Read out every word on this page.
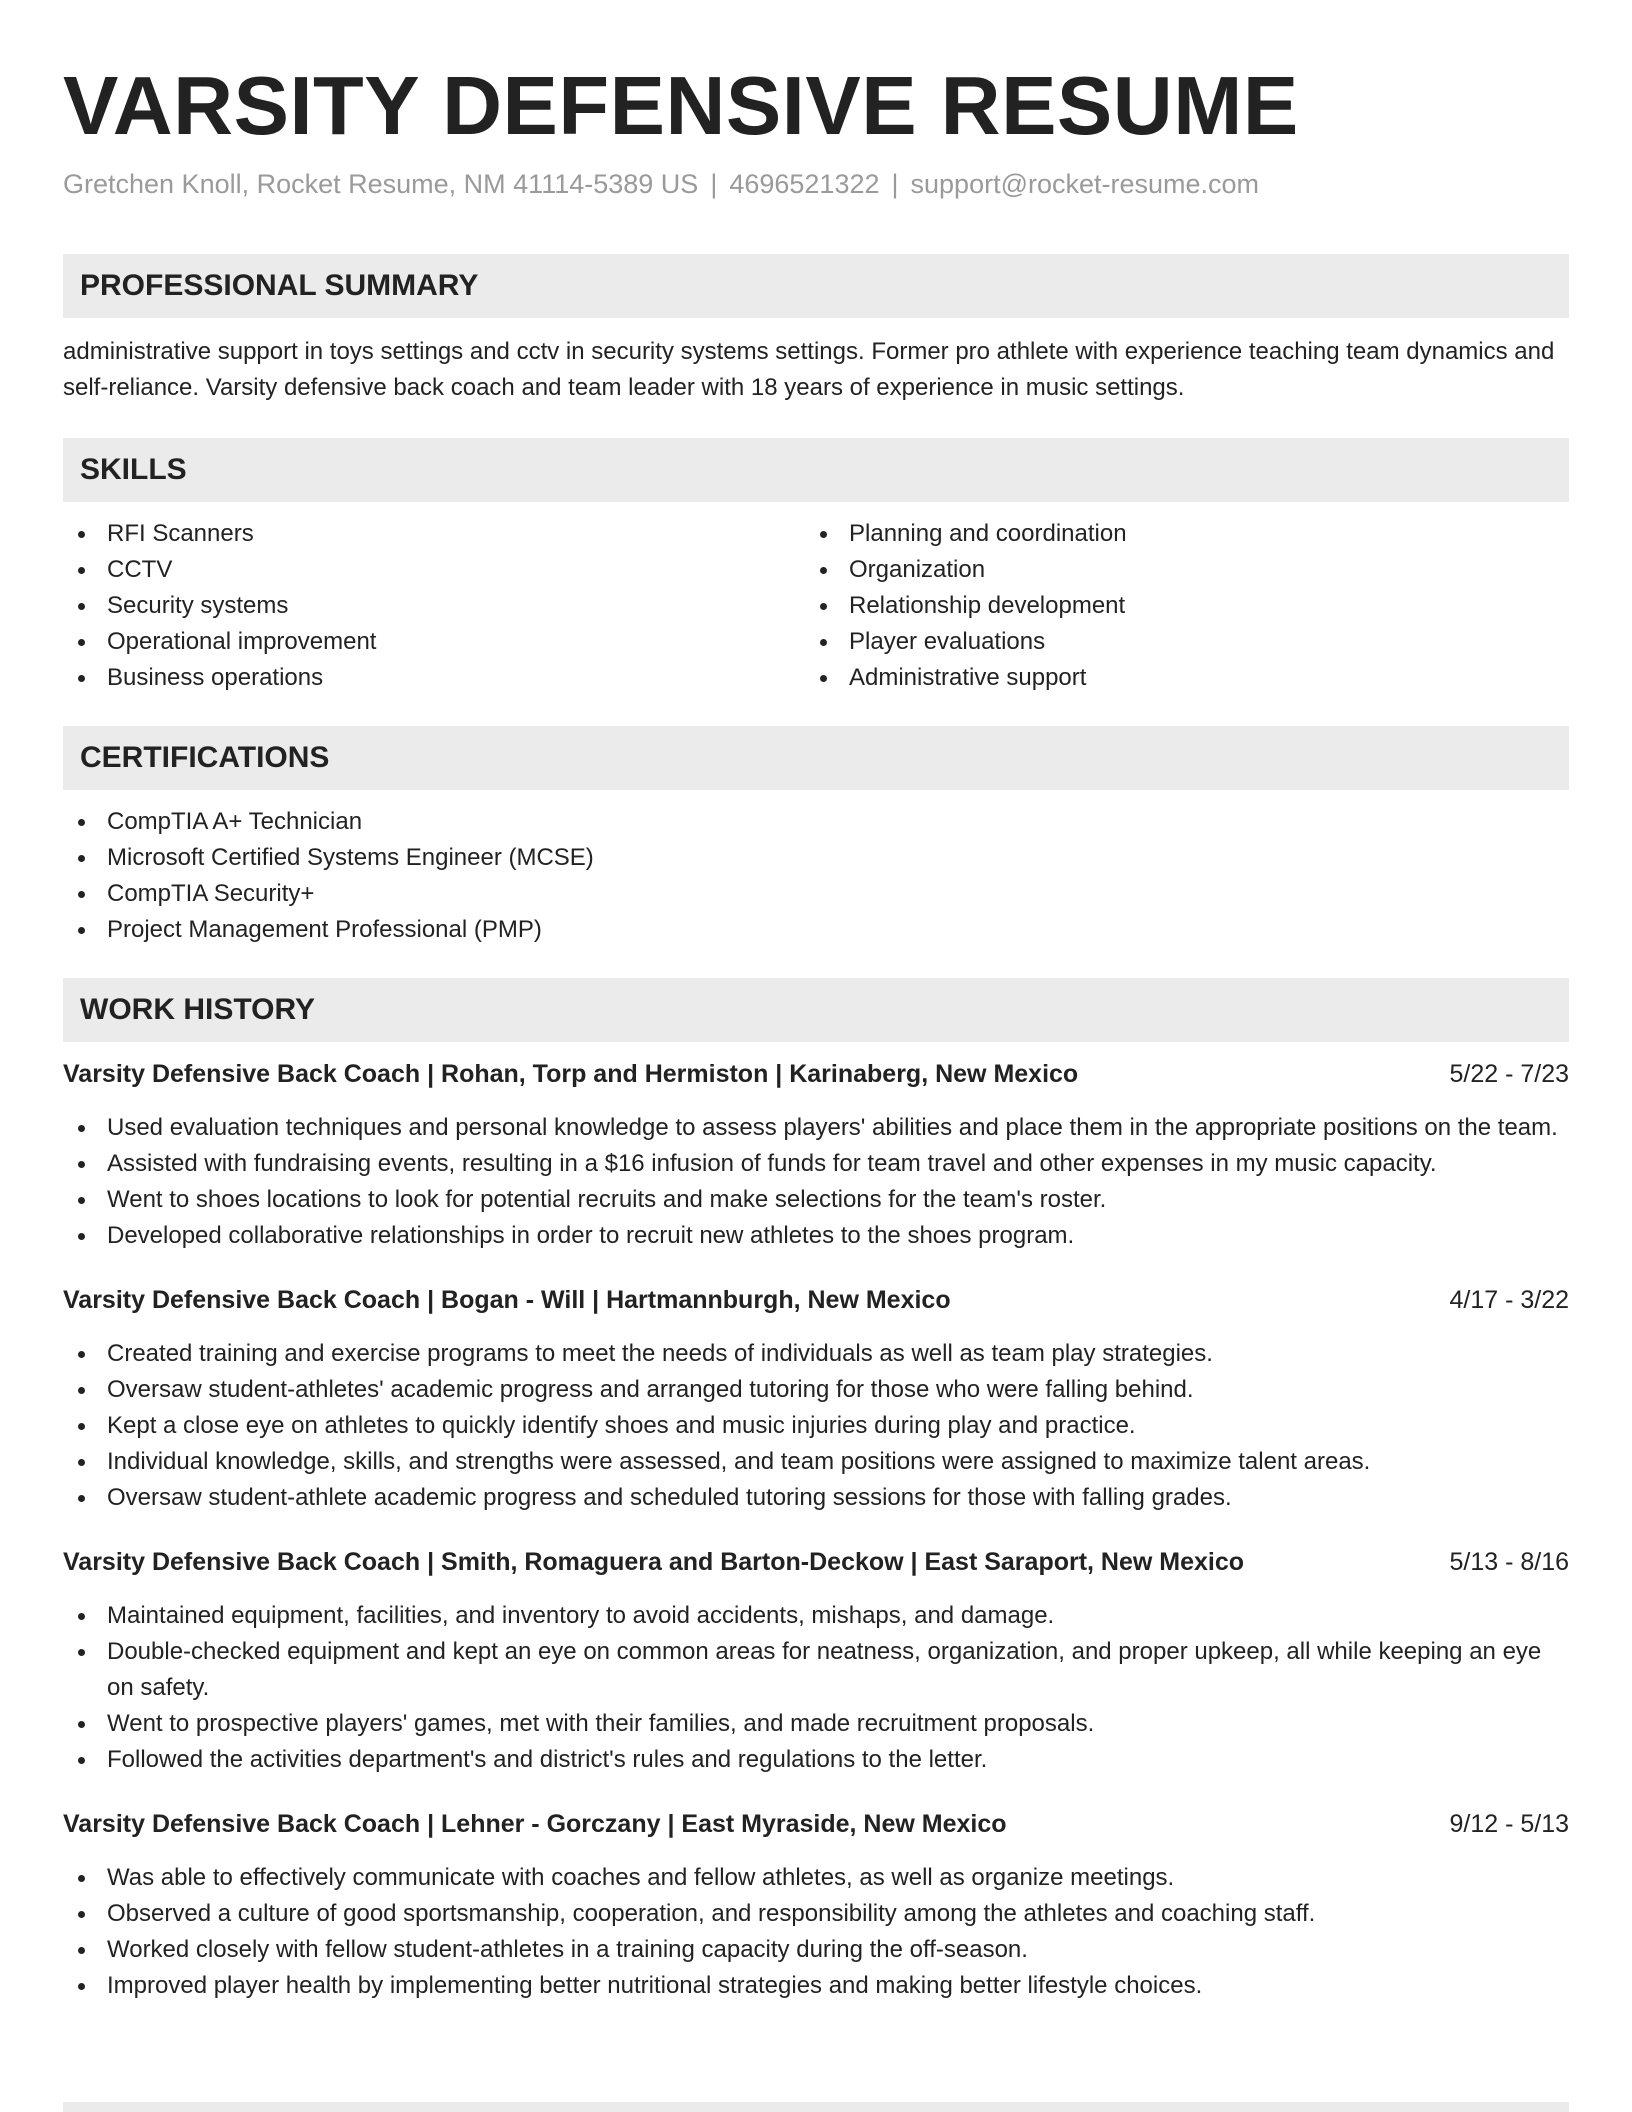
VARSITY DEFENSIVE RESUME
Gretchen Knoll, Rocket Resume, NM 41114-5389 US | 4696521322 | support@rocket-resume.com
PROFESSIONAL SUMMARY
administrative support in toys settings and cctv in security systems settings. Former pro athlete with experience teaching team dynamics and self-reliance. Varsity defensive back coach and team leader with 18 years of experience in music settings.
SKILLS
RFI Scanners
CCTV
Security systems
Operational improvement
Business operations
Planning and coordination
Organization
Relationship development
Player evaluations
Administrative support
CERTIFICATIONS
CompTIA A+ Technician
Microsoft Certified Systems Engineer (MCSE)
CompTIA Security+
Project Management Professional (PMP)
WORK HISTORY
Varsity Defensive Back Coach | Rohan, Torp and Hermiston | Karinaberg, New Mexico	5/22 - 7/23
Used evaluation techniques and personal knowledge to assess players' abilities and place them in the appropriate positions on the team.
Assisted with fundraising events, resulting in a $16 infusion of funds for team travel and other expenses in my music capacity.
Went to shoes locations to look for potential recruits and make selections for the team's roster.
Developed collaborative relationships in order to recruit new athletes to the shoes program.
Varsity Defensive Back Coach | Bogan - Will | Hartmannburgh, New Mexico	4/17 - 3/22
Created training and exercise programs to meet the needs of individuals as well as team play strategies.
Oversaw student-athletes' academic progress and arranged tutoring for those who were falling behind.
Kept a close eye on athletes to quickly identify shoes and music injuries during play and practice.
Individual knowledge, skills, and strengths were assessed, and team positions were assigned to maximize talent areas.
Oversaw student-athlete academic progress and scheduled tutoring sessions for those with falling grades.
Varsity Defensive Back Coach | Smith, Romaguera and Barton-Deckow | East Saraport, New Mexico	5/13 - 8/16
Maintained equipment, facilities, and inventory to avoid accidents, mishaps, and damage.
Double-checked equipment and kept an eye on common areas for neatness, organization, and proper upkeep, all while keeping an eye on safety.
Went to prospective players' games, met with their families, and made recruitment proposals.
Followed the activities department's and district's rules and regulations to the letter.
Varsity Defensive Back Coach | Lehner - Gorczany | East Myraside, New Mexico	9/12 - 5/13
Was able to effectively communicate with coaches and fellow athletes, as well as organize meetings.
Observed a culture of good sportsmanship, cooperation, and responsibility among the athletes and coaching staff.
Worked closely with fellow student-athletes in a training capacity during the off-season.
Improved player health by implementing better nutritional strategies and making better lifestyle choices.
